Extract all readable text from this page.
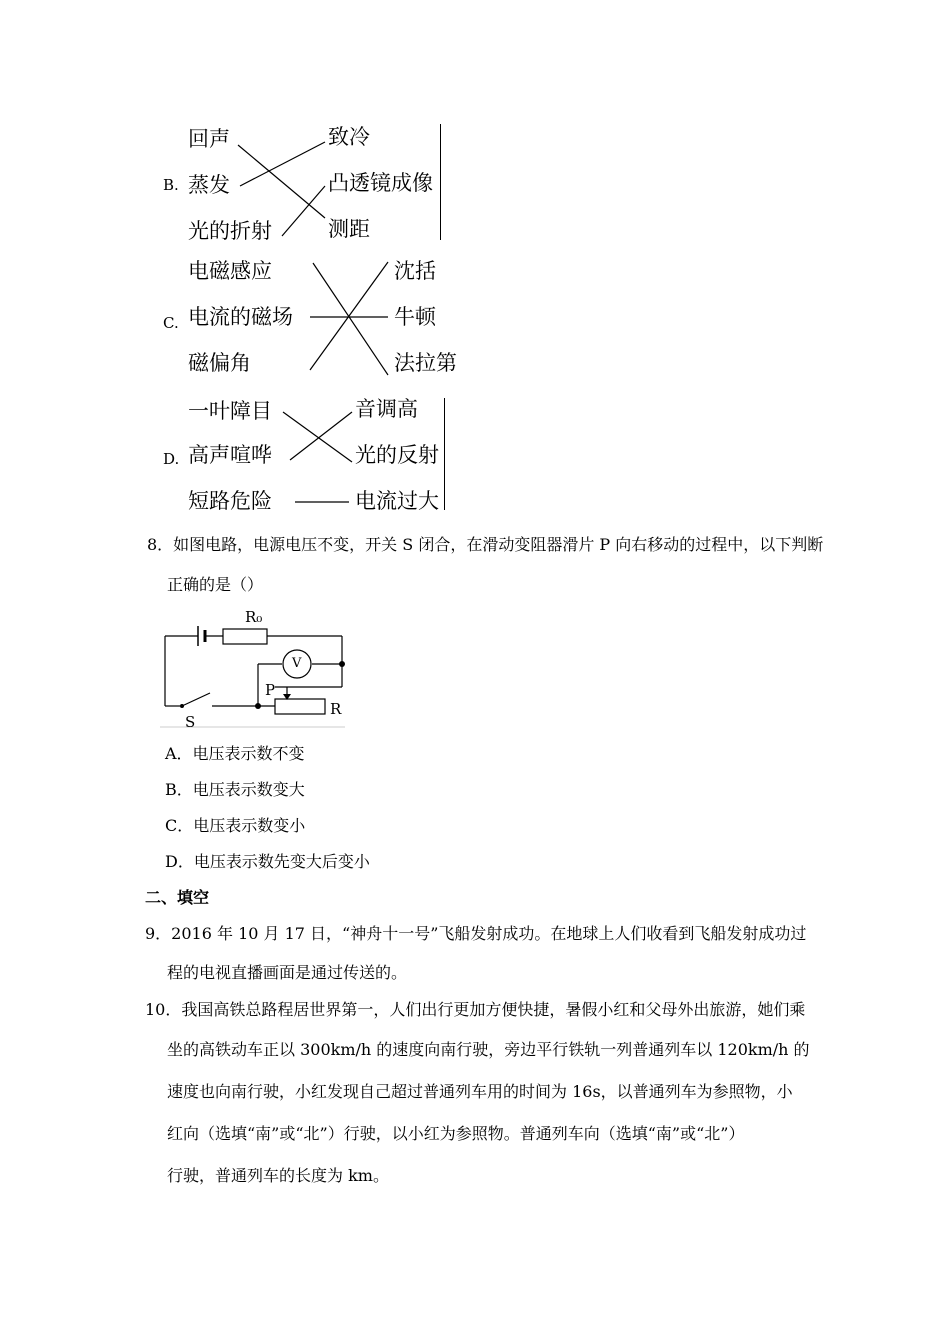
B.
回声
蒸发
光的折射
致冷
凸透镜成像
测距
C.
电磁感应
电流的磁场
磁偏角
沈括
牛顿
法拉第
D.
一叶障目
高声喧哗
短路危险
音调高
光的反射
电流过大
8．如图电路，电源电压不变，开关 S 闭合，在滑动变阻器滑片 P 向右移动的过程中，以下判断
正确的是（）
R₀
V
P
R
S
A．电压表示数不变
B．电压表示数变大
C．电压表示数变小
D．电压表示数先变大后变小
二、填空
9．2016 年 10 月 17 日，“神舟十一号”飞船发射成功。在地球上人们收看到飞船发射成功过
程的电视直播画面是通过传送的。
10．我国高铁总路程居世界第一，人们出行更加方便快捷，暑假小红和父母外出旅游，她们乘
坐的高铁动车正以 300km/h 的速度向南行驶，旁边平行铁轨一列普通列车以 120km/h 的
速度也向南行驶，小红发现自己超过普通列车用的时间为 16s，以普通列车为参照物，小
红向（选填“南”或“北”）行驶，以小红为参照物。普通列车向（选填“南”或“北”）
行驶，普通列车的长度为 km。
